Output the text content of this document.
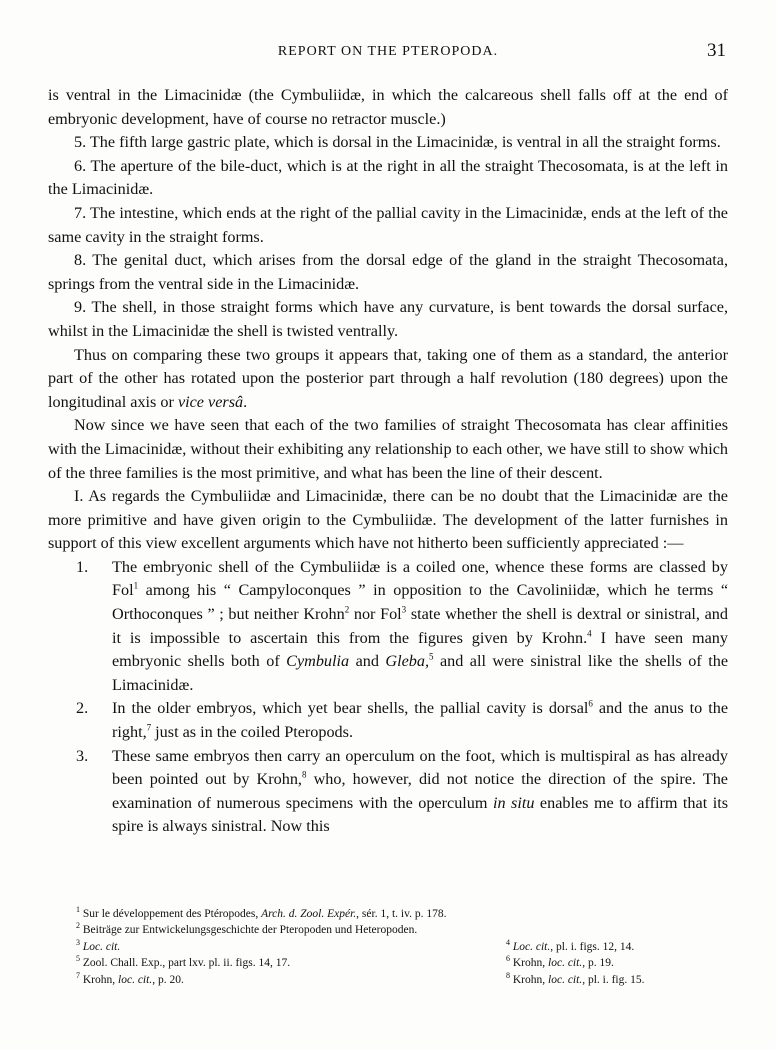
REPORT ON THE PTEROPODA.	31

is ventral in the Limacinidæ (the Cymbuliidæ, in which the calcareous shell falls off at the end of embryonic development, have of course no retractor muscle.)

5. The fifth large gastric plate, which is dorsal in the Limacinidæ, is ventral in all the straight forms.

6. The aperture of the bile-duct, which is at the right in all the straight Thecosomata, is at the left in the Limacinidæ.

7. The intestine, which ends at the right of the pallial cavity in the Limacinidæ, ends at the left of the same cavity in the straight forms.

8. The genital duct, which arises from the dorsal edge of the gland in the straight Thecosomata, springs from the ventral side in the Limacinidæ.

9. The shell, in those straight forms which have any curvature, is bent towards the dorsal surface, whilst in the Limacinidæ the shell is twisted ventrally.

Thus on comparing these two groups it appears that, taking one of them as a standard, the anterior part of the other has rotated upon the posterior part through a half revolution (180 degrees) upon the longitudinal axis or vice versâ.

Now since we have seen that each of the two families of straight Thecosomata has clear affinities with the Limacinidæ, without their exhibiting any relationship to each other, we have still to show which of the three families is the most primitive, and what has been the line of their descent.

I. As regards the Cymbuliidæ and Limacinidæ, there can be no doubt that the Limacinidæ are the more primitive and have given origin to the Cymbuliidæ. The development of the latter furnishes in support of this view excellent arguments which have not hitherto been sufficiently appreciated :—

1.	The embryonic shell of the Cymbuliidæ is a coiled one, whence these forms are classed by Fol$^1$ among his “ Campyloconques ” in opposition to the Cavoliniidæ, which he terms “ Orthoconques ” ; but neither Krohn$^2$ nor Fol$^3$ state whether the shell is dextral or sinistral, and it is impossible to ascertain this from the figures given by Krohn.$^4$ I have seen many embryonic shells both of Cymbulia and Gleba,$^5$ and all were sinistral like the shells of the Limacinidæ.
2.	In the older embryos, which yet bear shells, the pallial cavity is dorsal$^6$ and the anus to the right,$^7$ just as in the coiled Pteropods.
3.	These same embryos then carry an operculum on the foot, which is multispiral as has already been pointed out by Krohn,$^8$ who, however, did not notice the direction of the spire. The examination of numerous specimens with the operculum in situ enables me to affirm that its spire is always sinistral. Now this

$^1$ Sur le développement des Ptéropodes, Arch. d. Zool. Expér., sér. 1, t. iv. p. 178.

$^2$ Beiträge zur Entwickelungsgeschichte der Pteropoden und Heteropoden.

$^3$ Loc. cit.	$^4$ Loc. cit., pl. i. figs. 12, 14.

$^5$ Zool. Chall. Exp., part lxv. pl. ii. figs. 14, 17.	$^6$ Krohn, loc. cit., p. 19.

$^7$ Krohn, loc. cit., p. 20.	$^8$ Krohn, loc. cit., pl. i. fig. 15.
